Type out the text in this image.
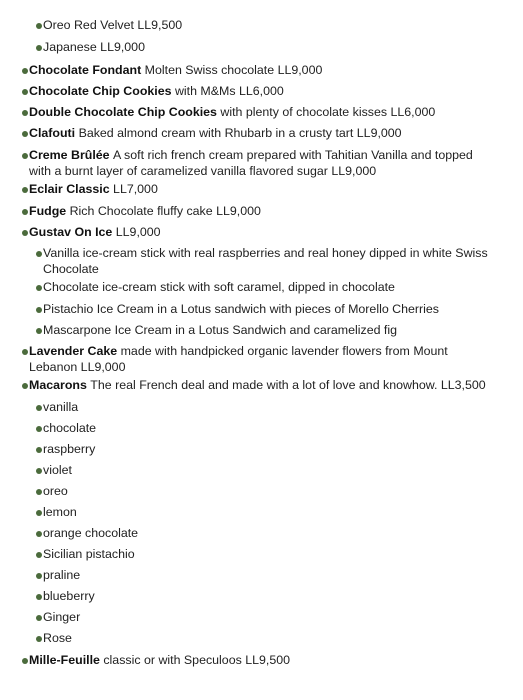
Oreo Red Velvet LL9,500
Japanese LL9,000
Chocolate Fondant Molten Swiss chocolate LL9,000
Chocolate Chip Cookies with M&Ms LL6,000
Double Chocolate Chip Cookies with plenty of chocolate kisses LL6,000
Clafouti Baked almond cream with Rhubarb in a crusty tart LL9,000
Creme Brûlée A soft rich french cream prepared with Tahitian Vanilla and topped with a burnt layer of caramelized vanilla flavored sugar LL9,000
Eclair Classic LL7,000
Fudge Rich Chocolate fluffy cake LL9,000
Gustav On Ice LL9,000
Vanilla ice-cream stick with real raspberries and real honey dipped in white Swiss Chocolate
Chocolate ice-cream stick with soft caramel, dipped in chocolate
Pistachio Ice Cream in a Lotus sandwich with pieces of Morello Cherries
Mascarpone Ice Cream in a Lotus Sandwich and caramelized fig
Lavender Cake made with handpicked organic lavender flowers from Mount Lebanon LL9,000
Macarons The real French deal and made with a lot of love and knowhow. LL3,500
vanilla
chocolate
raspberry
violet
oreo
lemon
orange chocolate
Sicilian pistachio
praline
blueberry
Ginger
Rose
Mille-Feuille classic or with Speculoos LL9,500
